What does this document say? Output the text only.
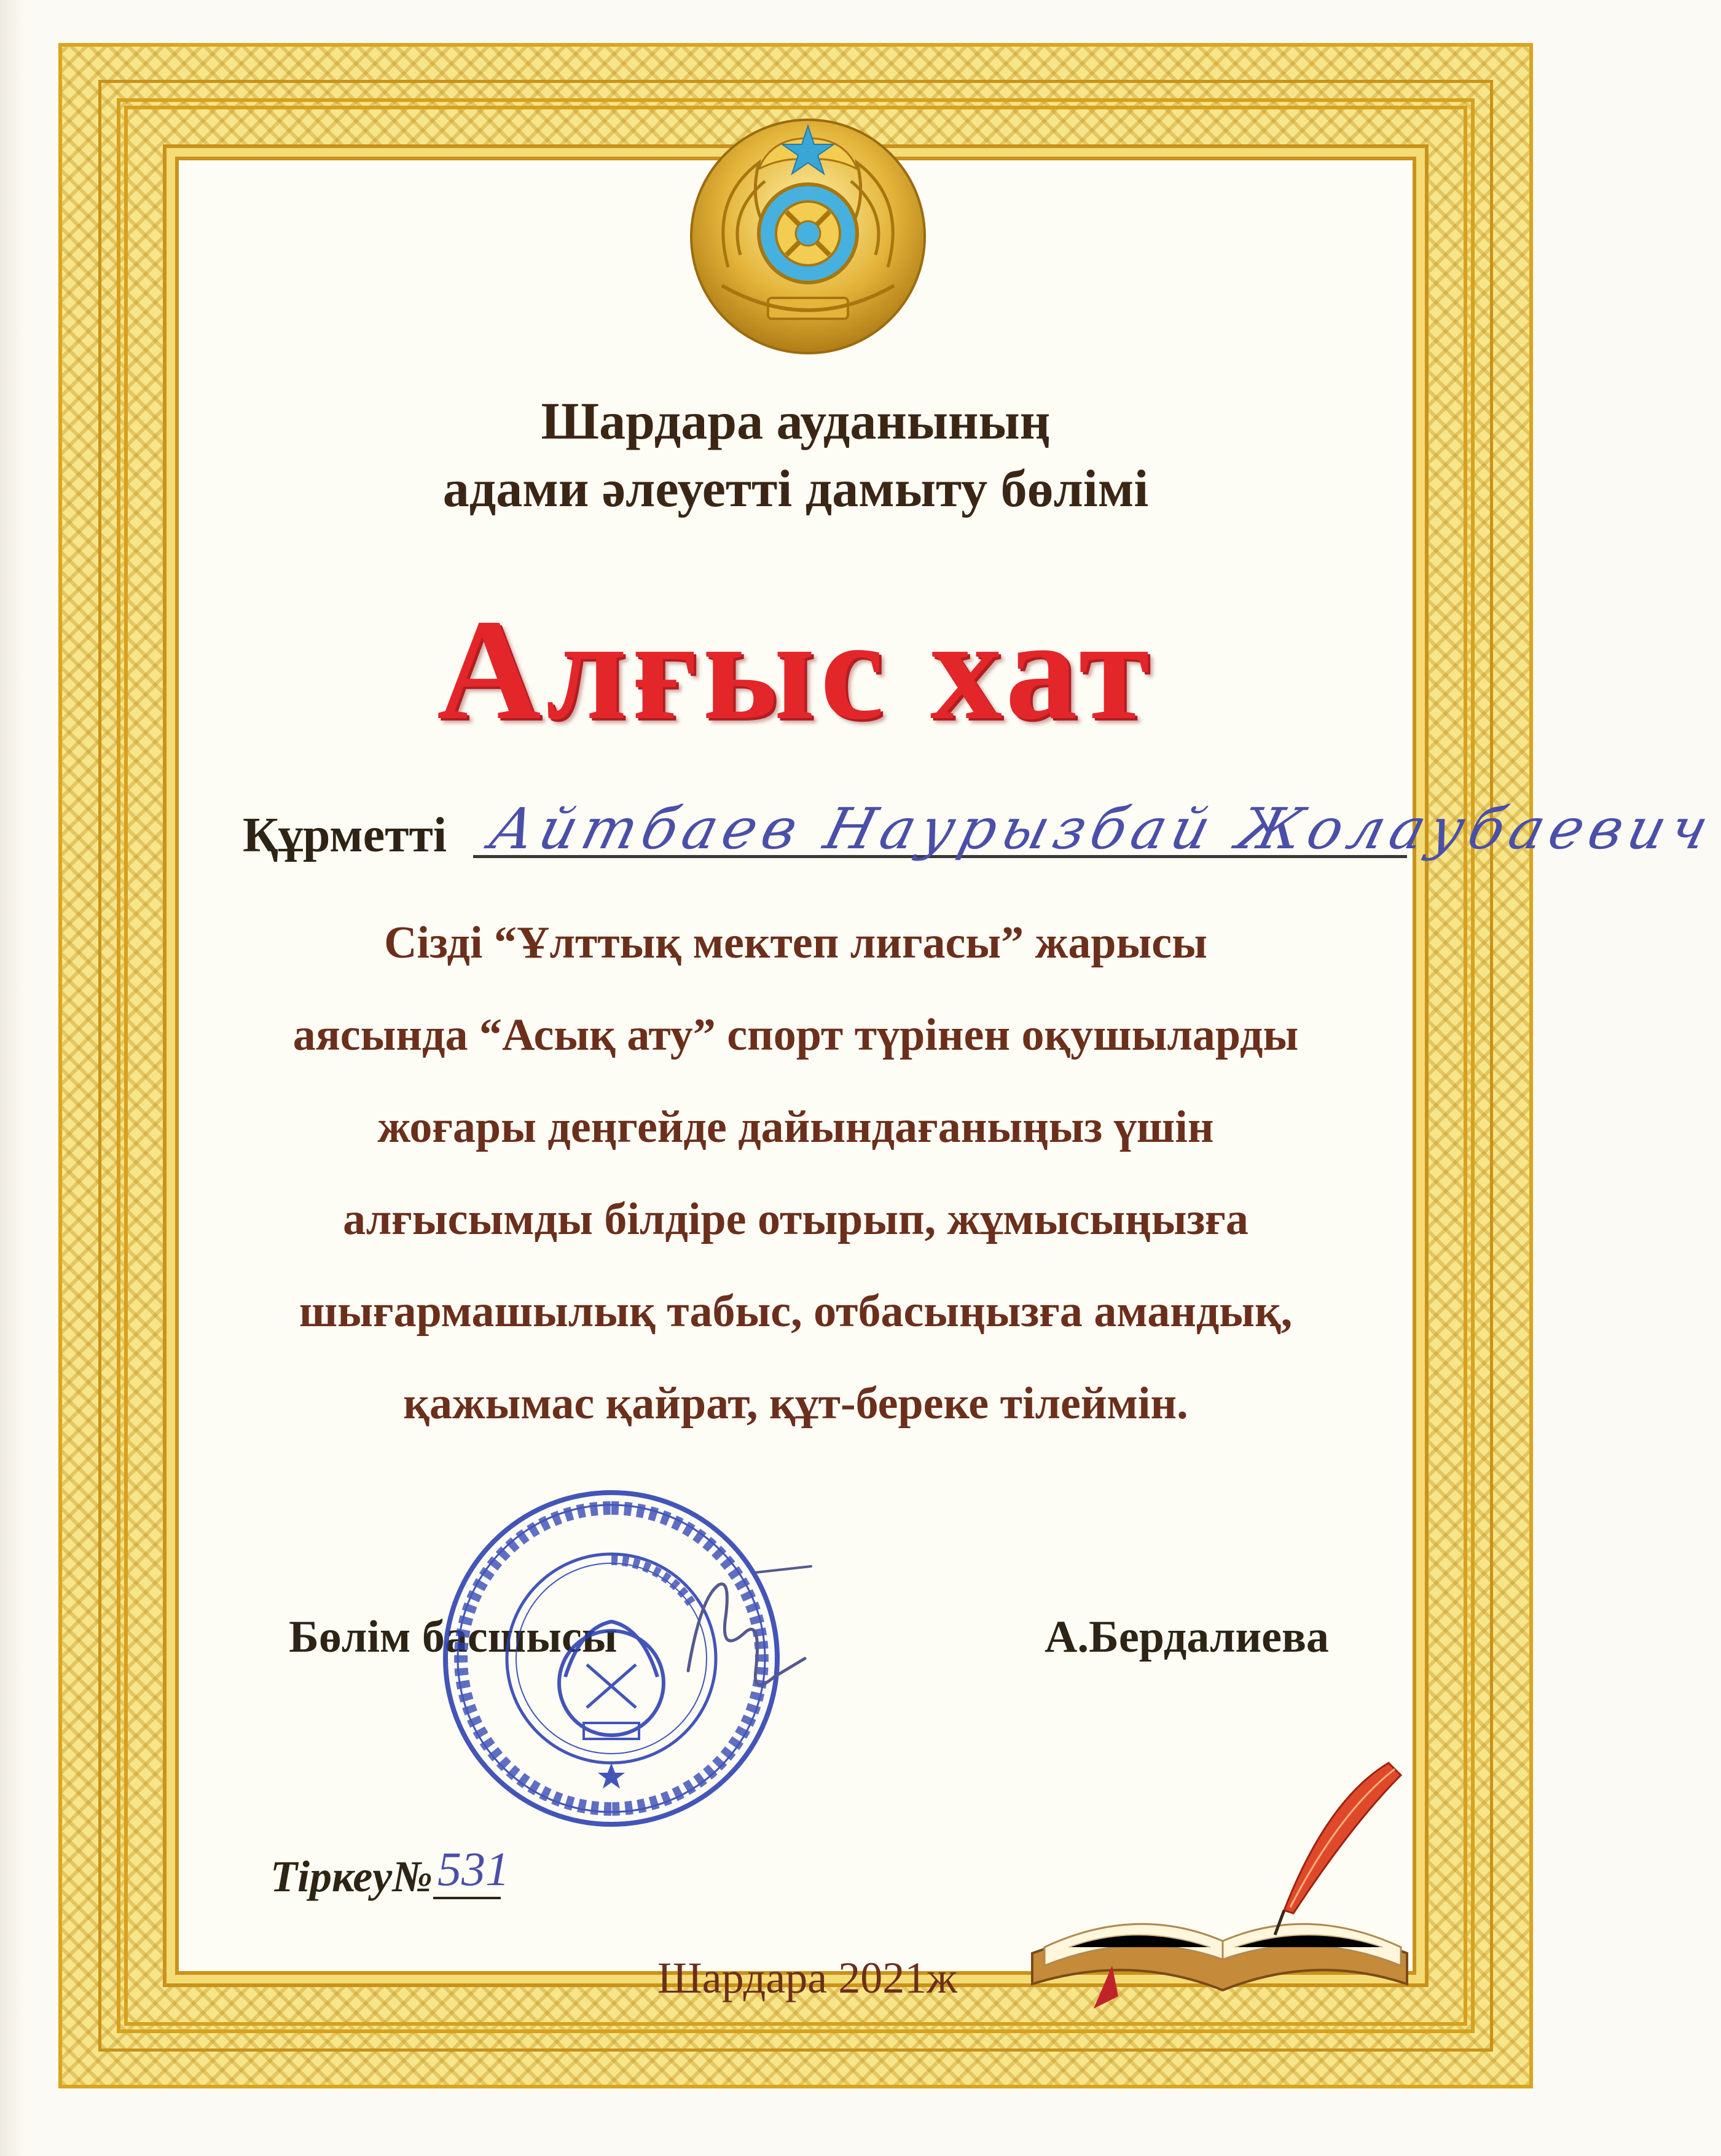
Шардара ауданының
адами әлеуетті дамыту бөлімі
Алғыс хат
Құрметті Айтбаев Наурызбай Жолаубаевич
Сізді “Ұлттық мектеп лигасы” жарысы
аясында “Асық ату” спорт түрінен оқушыларды
жоғары деңгейде дайындағаныңыз үшін
алғысымды білдіре отырып, жұмысыңызға
шығармашылық табыс, отбасыңызға амандық,
қажымас қайрат, құт-береке тілеймін.
Бөлім басшысы	А.Бердалиева
Тіркеу№ 531
Шардара 2021ж
